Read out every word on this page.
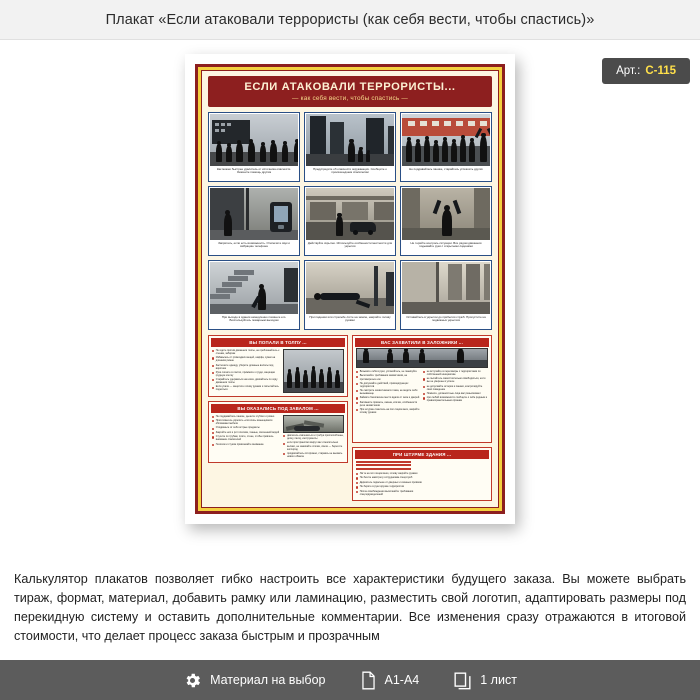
Плакат «Если атаковали террористы (как себя вести, чтобы спастись)»
Арт.: С-115
ЕСЛИ АТАКОВАЛИ ТЕРРОРИСТЫ...
— как себя вести, чтобы спастись —
Как можно быстрее удалитесь от источника опасности. Оказните помощь другим
Предупредите об опасности окружающих. Сообщите о произошедшем спасателям
Не поддавайтесь панике, старайтесь успокоить других
Запритесь, если есть возможность. Отключите звук и вибрацию телефона
Действуйте скрытно. Используйте особенности местности для укрытия
Не теряйте контроль ситуации. Все рядом движения подымайте руки с открытыми ладонями
При выходе в здании немедленно покиньте его. Воспользуйтесь пожарным выходом
При падении или стрельбе лягте на землю, накройте голову руками
Оставайтесь в укрытии до прибытия служб. Пропустите на подвижных укрытиях
ВЫ ПОПАЛИ В ТОЛПУ ...
Не идите против движения толпы, не приближайтесь к стенам, заборам
Избавьтесь от громоздких вещей, шарфа, сумки на длинном ремне
Застегните одежду, уберите длинные волосы под воротник
Руки согните в локтях, прижмите к груди, защищая грудную клетку
Старайтесь удержаться на ногах, двигайтесь по ходу движения толпы
Если упали — защитите голову руками и попытайтесь подняться
ВЫ ОКАЗАЛИСЬ ПОД ЗАВАЛОМ ...
Не поддавайтесь панике, дышите глубоко и ровно
Приготовьтесь укрепить «потолок» имеющимися обломками мебели
Отодвиньте от себя острые предметы
Закройте нос и рот платком, тканью, смоченной водой
Стучите по трубам, плите, стене, чтобы привлечь внимание спасателей
Голосом и стуком привлекайте внимание
двигатель извлекаться и требуя приспособлены, доску, палку, инструменты
если пространство вокруг вас относительно велико, не зажигайте спички, свечи — берегите кислород
продвигайтесь осторожно, стараясь не вызвать нового обвала
ВАС ЗАХВАТИЛИ В ЗАЛОЖНИКИ ...
Возьмите себя в руки, успокойтесь, не паникуйте
Выполняйте требования захватчиков, не противоречьте им
Не допускайте действий, провоцирующих террористов
Не смотрите захватчикам в глаза, не ведите себя вызывающе
Займите безопасное место вдали от окон и дверей
Запомните приметы, имена, клички, особенности речи захватчиков
При штурме ложитесь на пол лицом вниз, закройте голову руками
не вступайте в переговоры с террористами по собственной инициативе
не пытайтесь самостоятельно освободиться, если вы не уверены в успехе
не допускайте истерик и паники, контролируйте своё поведение
Помните, должностные лица вас разыскивают
при любой возможности сообщите о себе родным и правоохранительным органам
ПРИ ШТУРМЕ ЗДАНИЯ ...
Лягте на пол лицом вниз, голову закройте руками
Не бегите навстречу сотрудникам спецслужб
Держитесь подальше от дверных и оконных проёмов
Не берите в руки оружие террористов
После освобождения выполняйте требования спецподразделений
Калькулятор плакатов позволяет гибко настроить все характеристики будущего заказа. Вы можете выбрать тираж, формат, материал, добавить рамку или ламинацию, разместить свой логотип, адаптировать размеры под перекидную систему и оставить дополнительные комментарии. Все изменения сразу отражаются в итоговой стоимости, что делает процесс заказа быстрым и прозрачным
Материал на выбор	А1-А4	1 лист
